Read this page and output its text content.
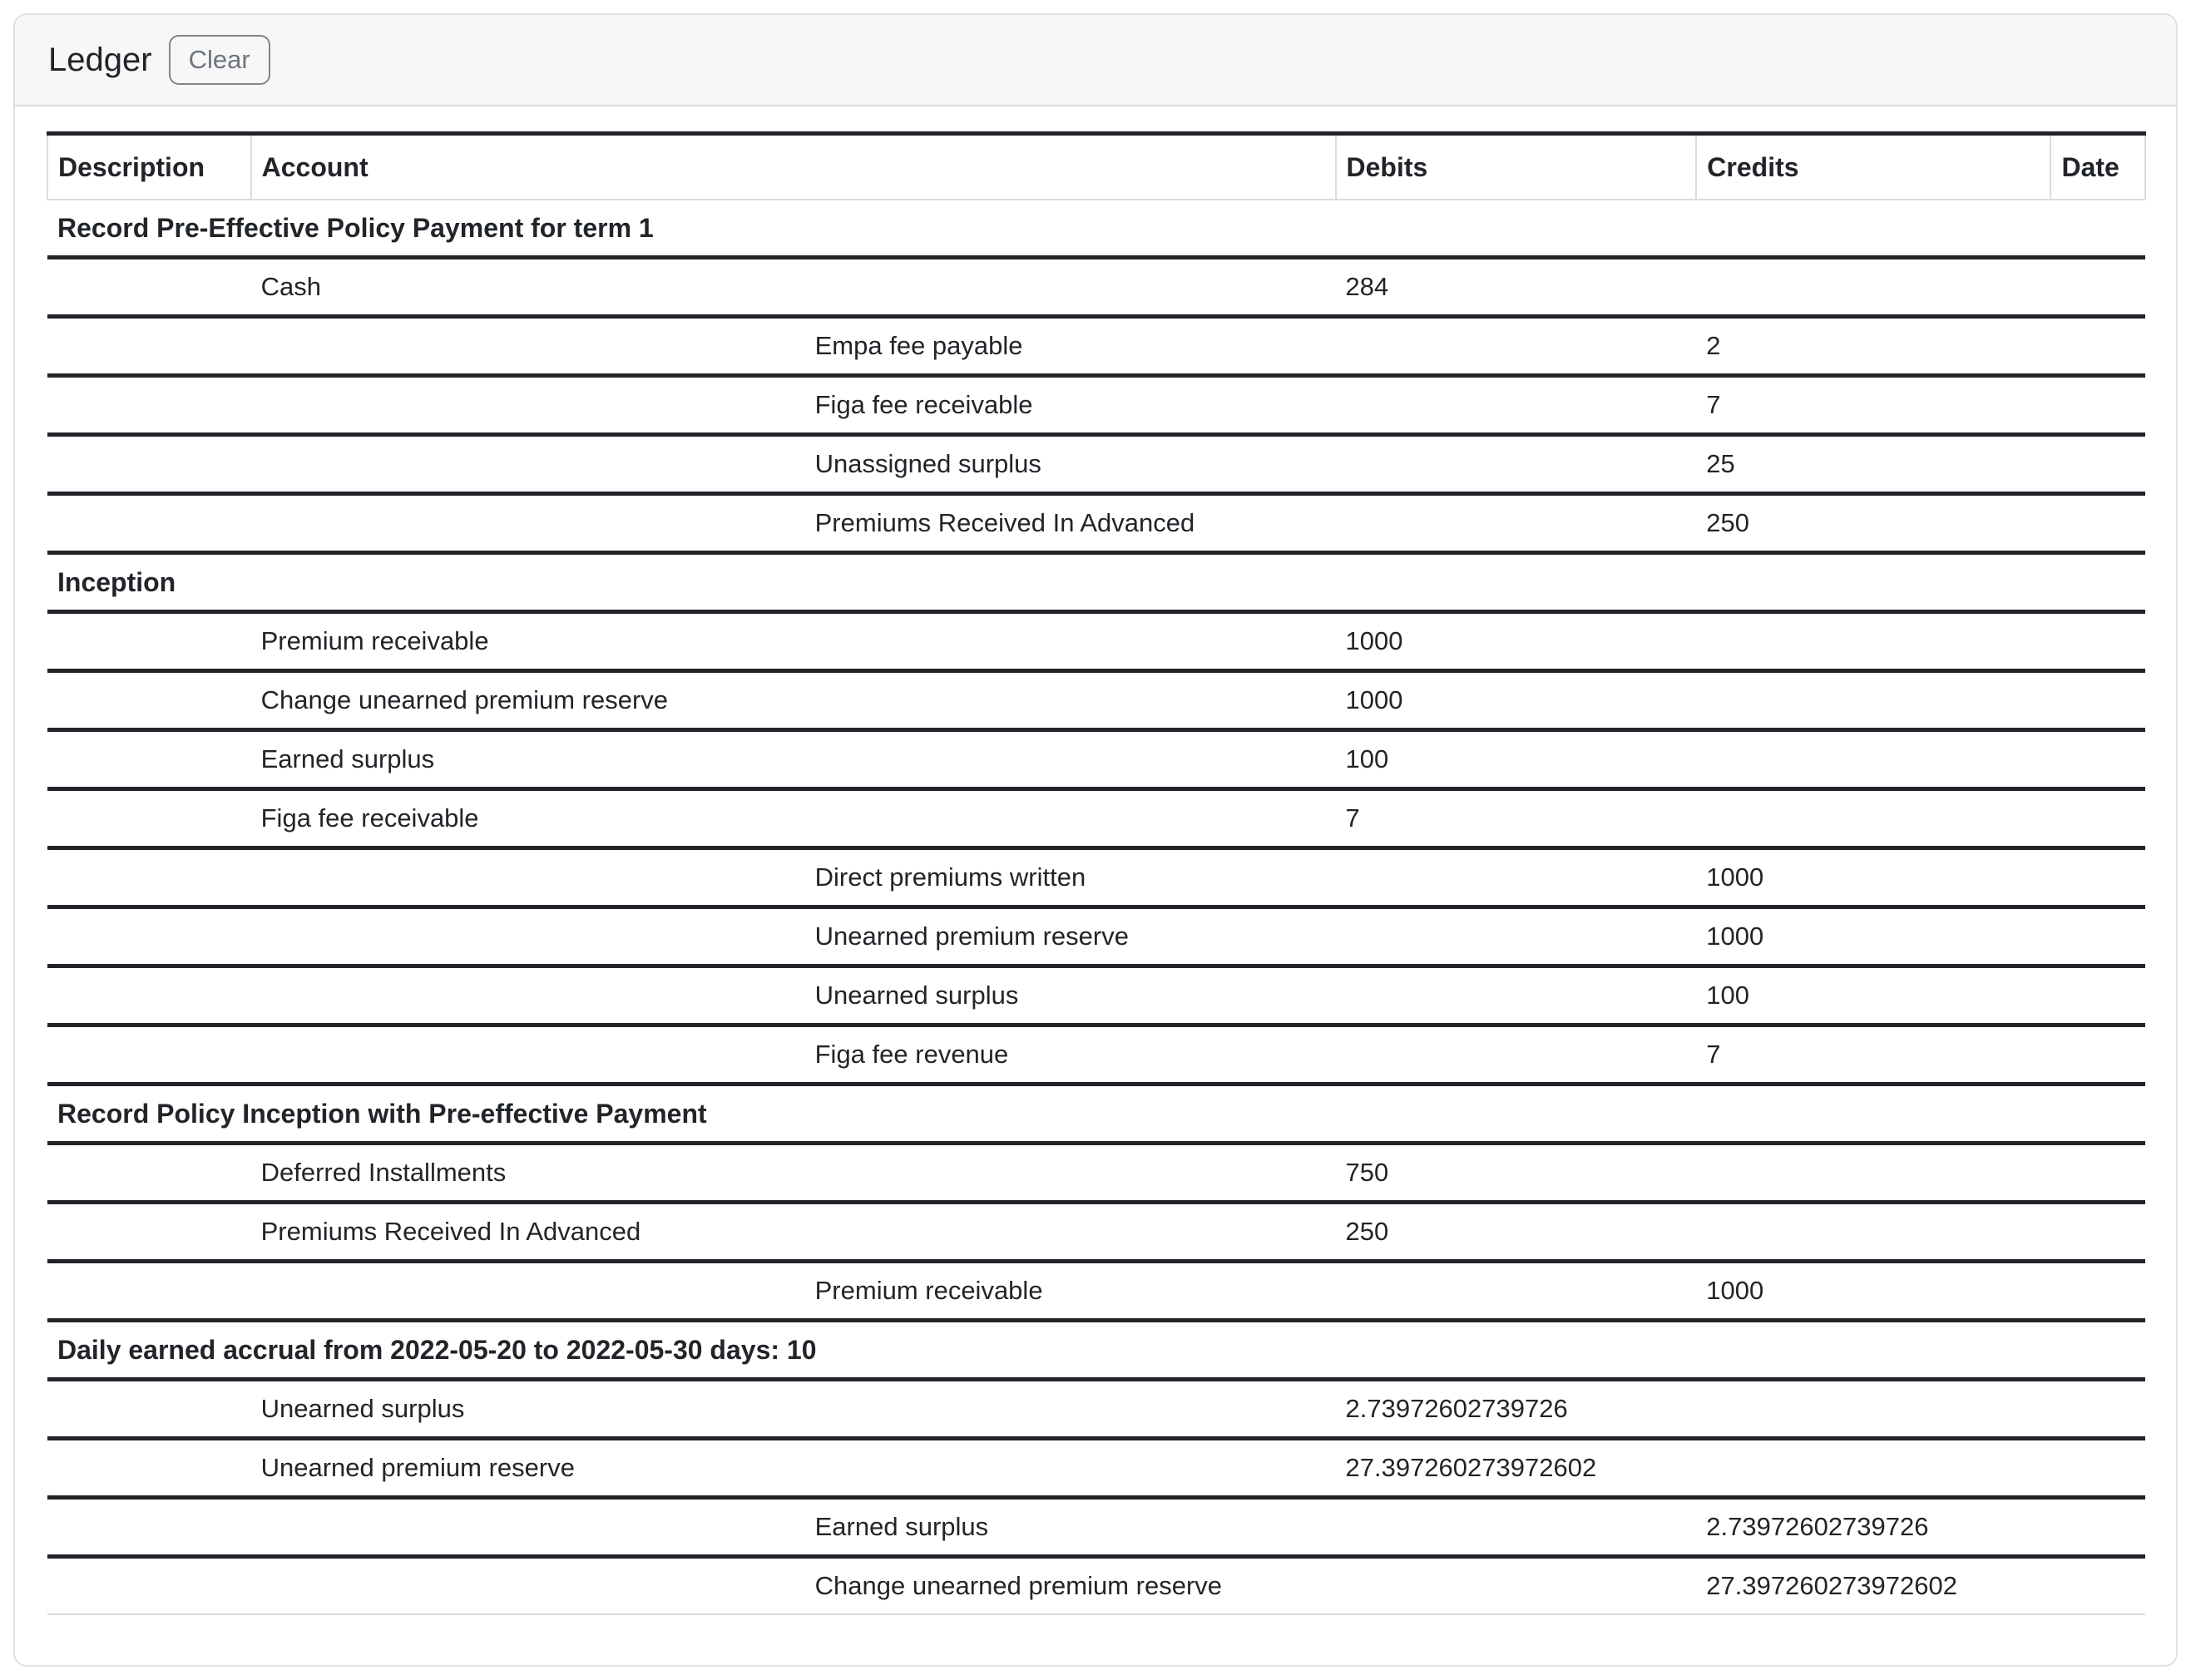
Ledger	Clear
Description	Account	Debits	Credits	Date
Record Pre-Effective Policy Payment for term 1				
	Cash	284		
	Empa fee payable		2	
	Figa fee receivable		7	
	Unassigned surplus		25	
	Premiums Received In Advanced		250	
Inception				
	Premium receivable	1000		
	Change unearned premium reserve	1000		
	Earned surplus	100		
	Figa fee receivable	7		
	Direct premiums written		1000	
	Unearned premium reserve		1000	
	Unearned surplus		100	
	Figa fee revenue		7	
Record Policy Inception with Pre-effective Payment				
	Deferred Installments	750		
	Premiums Received In Advanced	250		
	Premium receivable		1000	
Daily earned accrual from 2022-05-20 to 2022-05-30 days: 10				
	Unearned surplus	2.73972602739726		
	Unearned premium reserve	27.397260273972602		
	Earned surplus		2.73972602739726	
	Change unearned premium reserve		27.397260273972602	
